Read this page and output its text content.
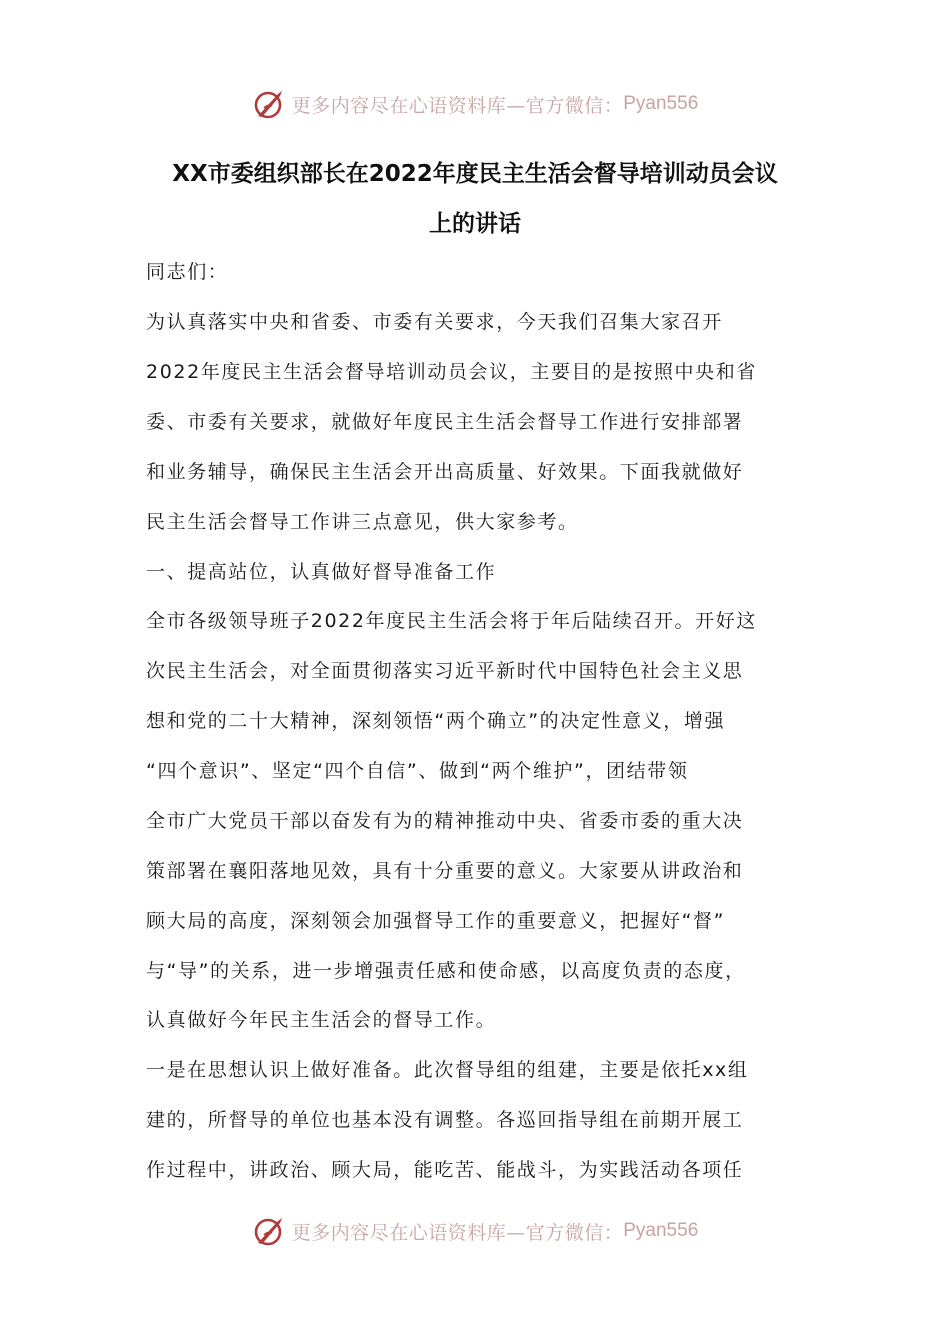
更多内容尽在心语资料库—官方微信： Pyan556
XX市委组织部长在2022年度民主生活会督导培训动员会议
上的讲话
同志们：
为认真落实中央和省委、市委有关要求，今天我们召集大家召开
2022年度民主生活会督导培训动员会议，主要目的是按照中央和省
委、市委有关要求，就做好年度民主生活会督导工作进行安排部署
和业务辅导，确保民主生活会开出高质量、好效果。下面我就做好
民主生活会督导工作讲三点意见，供大家参考。
一、提高站位，认真做好督导准备工作
全市各级领导班子2022年度民主生活会将于年后陆续召开。开好这
次民主生活会，对全面贯彻落实习近平新时代中国特色社会主义思
想和党的二十大精神，深刻领悟“两个确立”的决定性意义，增强
“四个意识”、坚定“四个自信”、做到“两个维护”，团结带领
全市广大党员干部以奋发有为的精神推动中央、省委市委的重大决
策部署在襄阳落地见效，具有十分重要的意义。大家要从讲政治和
顾大局的高度，深刻领会加强督导工作的重要意义，把握好“督”
与“导”的关系，进一步增强责任感和使命感，以高度负责的态度，
认真做好今年民主生活会的督导工作。
一是在思想认识上做好准备。此次督导组的组建，主要是依托xx组
建的，所督导的单位也基本没有调整。各巡回指导组在前期开展工
作过程中，讲政治、顾大局，能吃苦、能战斗，为实践活动各项任
更多内容尽在心语资料库—官方微信： Pyan556
